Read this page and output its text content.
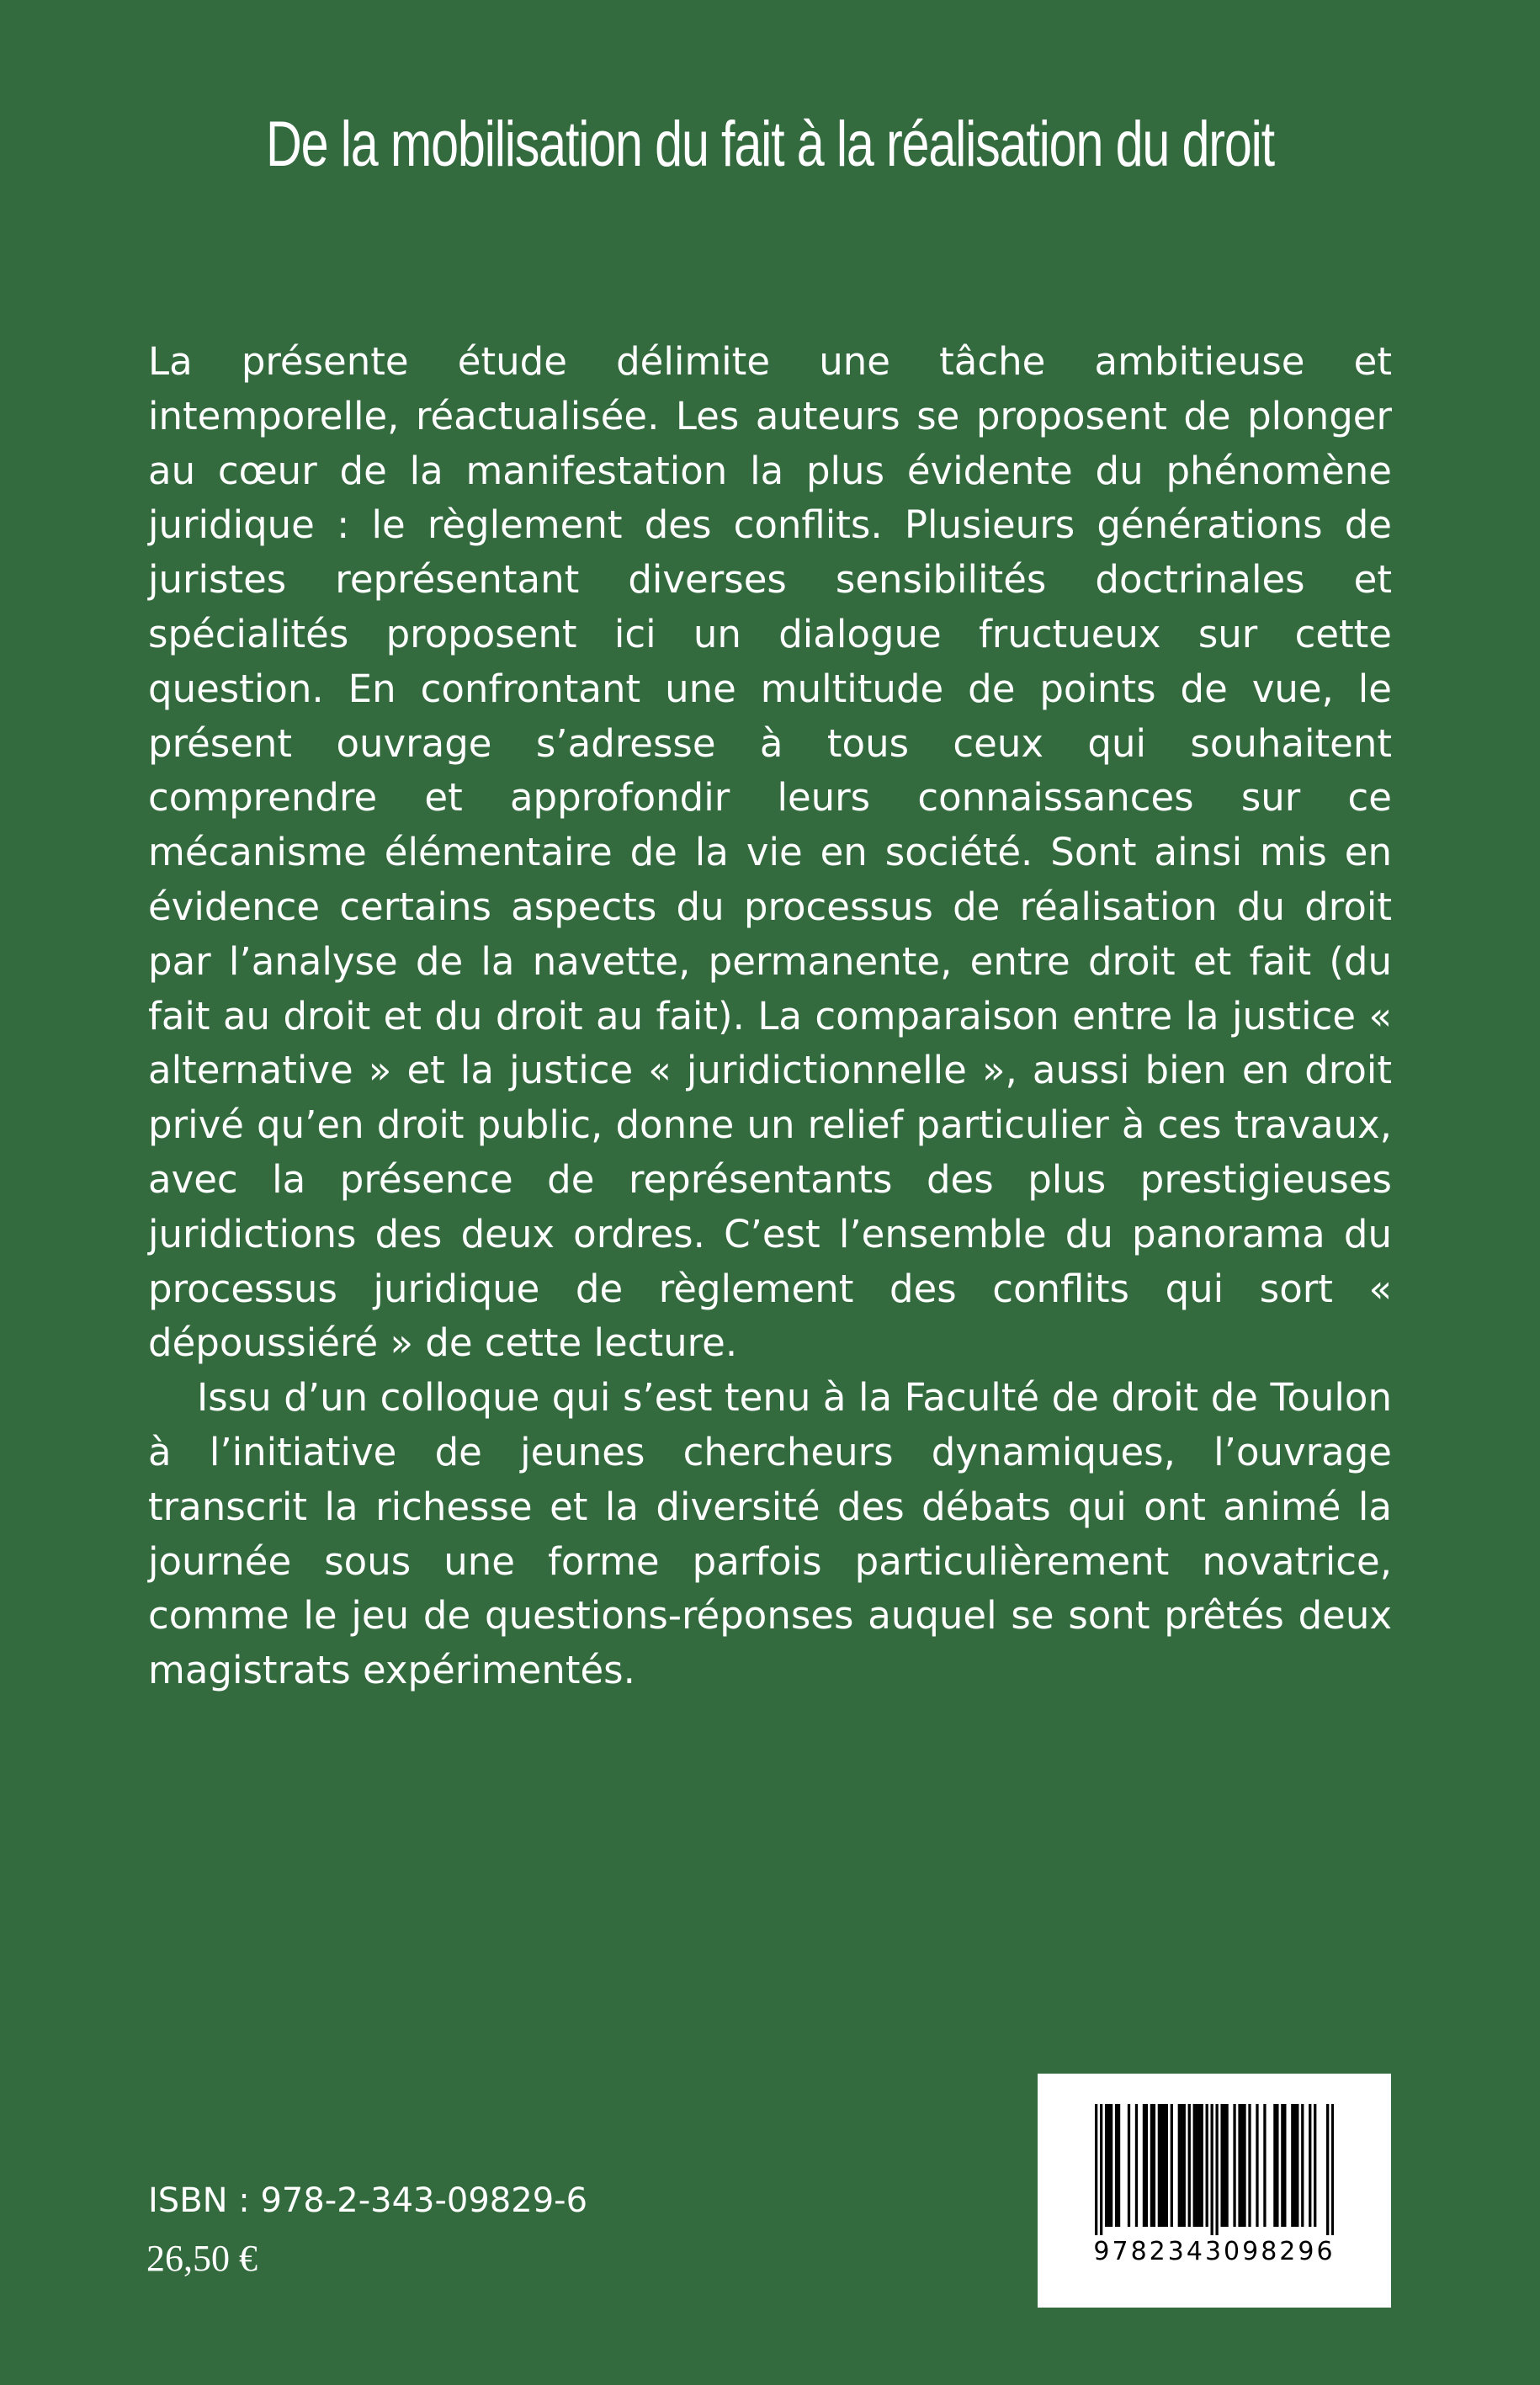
De la mobilisation du fait à la réalisation du droit

La présente étude délimite une tâche ambitieuse et intemporelle, réactualisée. Les auteurs se proposent de plonger au cœur de la manifestation la plus évidente du phénomène juridique : le règlement des conflits. Plusieurs générations de juristes représentant diverses sensibilités doctrinales et spécialités proposent ici un dialogue fructueux sur cette question. En confrontant une multitude de points de vue, le présent ouvrage s’adresse à tous ceux qui souhaitent comprendre et approfondir leurs connaissances sur ce mécanisme élémentaire de la vie en société. Sont ainsi mis en évidence certains aspects du processus de réalisation du droit par l’analyse de la navette, permanente, entre droit et fait (du fait au droit et du droit au fait). La comparaison entre la justice « alternative » et la justice « juridictionnelle », aussi bien en droit privé qu’en droit public, donne un relief particulier à ces travaux, avec la présence de représentants des plus prestigieuses juridictions des deux ordres. C’est l’ensemble du panorama du processus juridique de règlement des conflits qui sort « dépoussiéré » de cette lecture.

Issu d’un colloque qui s’est tenu à la Faculté de droit de Toulon à l’initiative de jeunes chercheurs dynamiques, l’ouvrage transcrit la richesse et la diversité des débats qui ont animé la journée sous une forme parfois particulièrement novatrice, comme le jeu de questions-réponses auquel se sont prêtés deux magistrats expérimentés.

ISBN : 978-2-343-09829-6
26,50 €	9782343098296
